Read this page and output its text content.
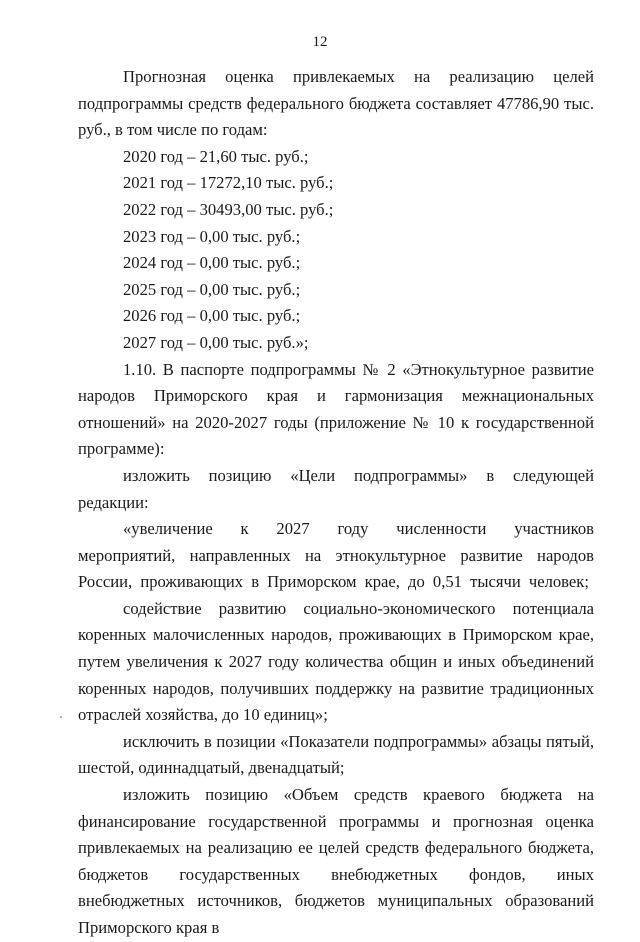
12

Прогнозная оценка привлекаемых на реализацию целей подпрограммы средств федерального бюджета составляет 47786,90 тыс. руб., в том числе по годам:

2020 год – 21,60 тыс. руб.;

2021 год – 17272,10 тыс. руб.;

2022 год – 30493,00 тыс. руб.;

2023 год – 0,00 тыс. руб.;

2024 год – 0,00 тыс. руб.;

2025 год – 0,00 тыс. руб.;

2026 год – 0,00 тыс. руб.;

2027 год – 0,00 тыс. руб.»;

1.10. В паспорте подпрограммы № 2 «Этнокультурное развитие народов Приморского края и гармонизация межнациональных отношений» на 2020-2027 годы (приложение № 10 к государственной программе):

изложить позицию «Цели подпрограммы» в следующей редакции:

«увеличение к 2027 году численности участников мероприятий, направленных на этнокультурное развитие народов России, проживающих в Приморском крае, до 0,51 тысячи человек;

содействие развитию социально-экономического потенциала коренных малочисленных народов, проживающих в Приморском крае, путем увеличения к 2027 году количества общин и иных объединений коренных народов, получивших поддержку на развитие традиционных отраслей хозяйства, до 10 единиц»;

исключить в позиции «Показатели подпрограммы» абзацы пятый, шестой, одиннадцатый, двенадцатый;

изложить позицию «Объем средств краевого бюджета на финансирование государственной программы и прогнозная оценка привлекаемых на реализацию ее целей средств федерального бюджета, бюджетов государственных внебюджетных фондов, иных внебюджетных источников, бюджетов муниципальных образований Приморского края в
